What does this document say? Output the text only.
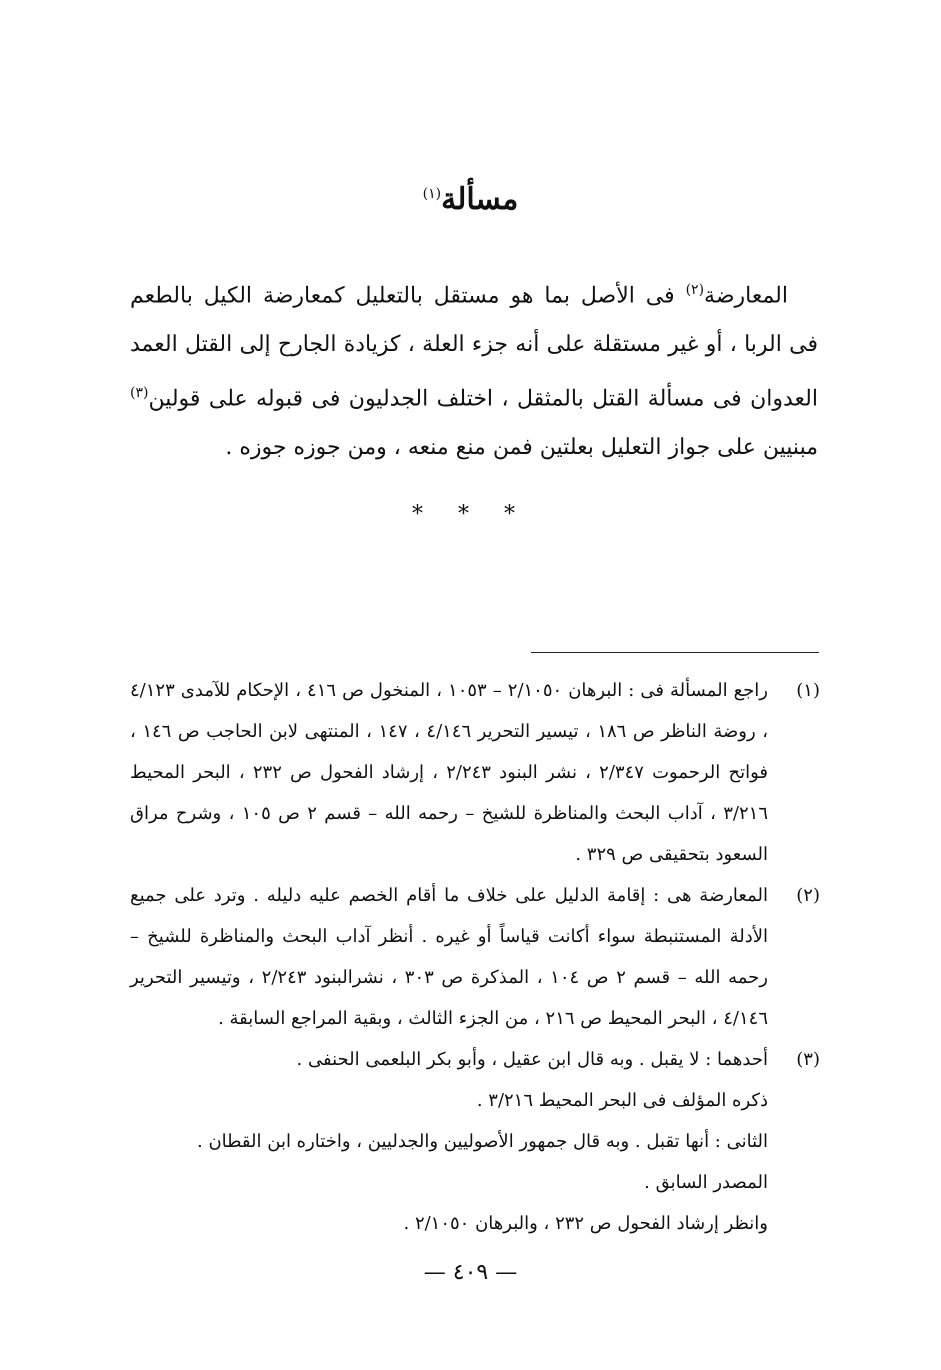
مسألة$^{(١)}$

المعارضة$^{(٢)}$ فى الأصل بما هو مستقل بالتعليل كمعارضة الكيل بالطعم فى الربا ، أو غير مستقلة على أنه جزء العلة ، كزيادة الجارح إلى القتل العمد العدوان فى مسألة القتل بالمثقل ، اختلف الجدليون فى قبوله على قولين$^{(٣)}$ مبنيين على جواز التعليل بعلتين فمن منع منعه ، ومن جوزه جوزه .

* * *
(١)
راجع المسألة فى : البرهان ٢/١٠٥٠ – ١٠٥٣ ، المنخول ص ٤١٦ ، الإحكام للآمدى ٤/١٢٣ ، روضة الناظر ص ١٨٦ ، تيسير التحرير ٤/١٤٦ ، ١٤٧ ، المنتهى لابن الحاجب ص ١٤٦ ، فواتح الرحموت ٢/٣٤٧ ، نشر البنود ٢/٢٤٣ ، إرشاد الفحول ص ٢٣٢ ، البحر المحيط ٣/٢١٦ ، آداب البحث والمناظرة للشيخ – رحمه الله – قسم ٢ ص ١٠٥ ، وشرح مراق السعود بتحقيقى ص ٣٢٩ .
(٢)
المعارضة هى : إقامة الدليل على خلاف ما أقام الخصم عليه دليله . وترد على جميع الأدلة المستنبطة سواء أكانت قياساً أو غيره . أنظر آداب البحث والمناظرة للشيخ – رحمه الله – قسم ٢ ص ١٠٤ ، المذكرة ص ٣٠٣ ، نشرالبنود ٢/٢٤٣ ، وتيسير التحرير ٤/١٤٦ ، البحر المحيط ص ٢١٦ ، من الجزء الثالث ، وبقية المراجع السابقة .
(٣)
أحدهما : لا يقبل . وبه قال ابن عقيل ، وأبو بكر البلعمى الحنفى .
ذكره المؤلف فى البحر المحيط ٣/٢١٦ .
الثانى : أنها تقبل . وبه قال جمهور الأصوليين والجدليين ، واختاره ابن القطان .
المصدر السابق .
وانظر إرشاد الفحول ص ٢٣٢ ، والبرهان ٢/١٠٥٠ .
— ٤٠٩ —
